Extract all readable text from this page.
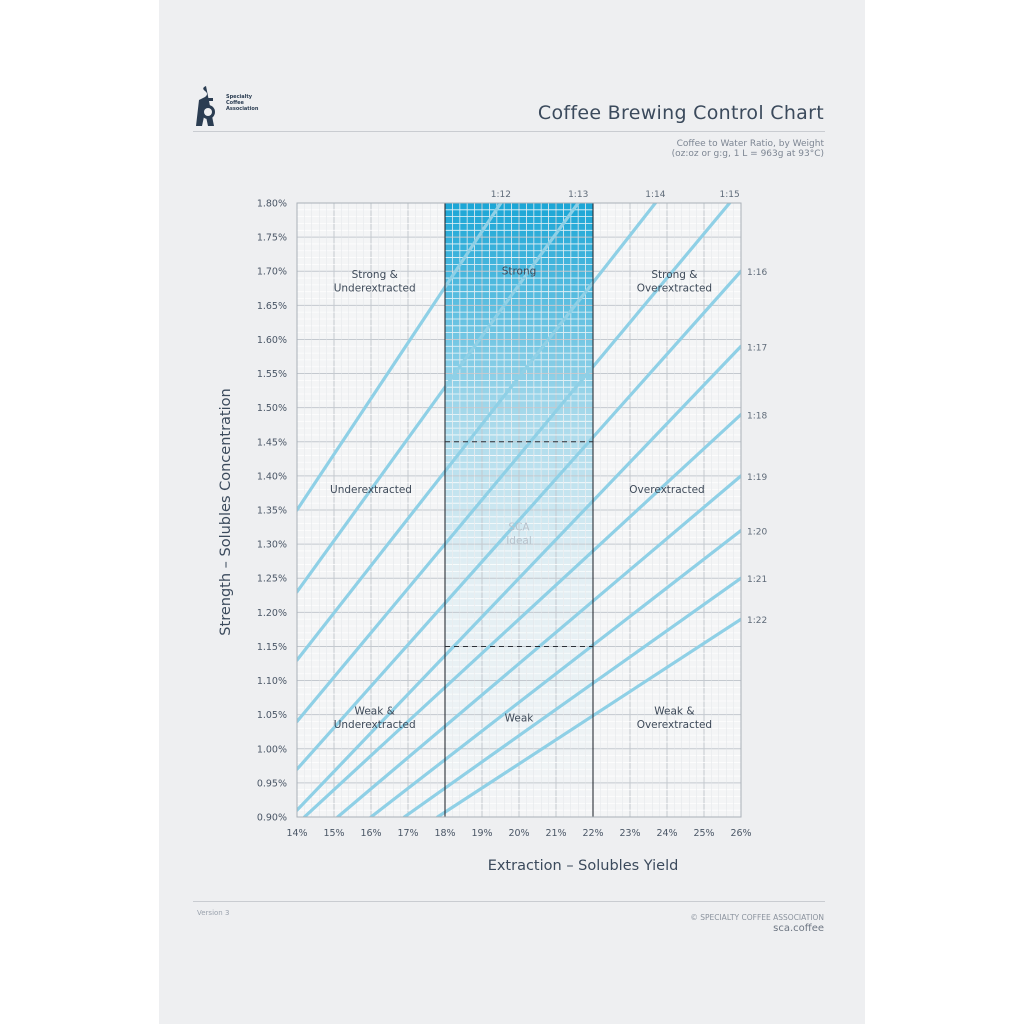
Specialty
Coffee
Association	Coffee Brewing Control Chart
Coffee to Water Ratio, by Weight
(oz:oz or g:g, 1 L = 963g at 93°C)
1:12	1:13	1:14	1:15
1:16
1:17
1:18
1:19
1:20
1:21
1:22
14% 15% 16% 17% 18% 19% 20% 21% 22% 23% 24% 25% 26%
0.90%
0.95%
1.00%
1.05%
1.10%
1.15%
1.20%
1.25%
1.30%
1.35%
1.40%
1.45%
1.50%
1.55%
1.60%
1.65%
1.70%
1.75%
1.80%
Extraction – Solubles Yield
Strength – Solubles Concentration
Strong & Underextracted
Strong	Strong & Overextracted
Underextracted
SCA Ideal
Overextracted
Weak & Underextracted
Weak
Weak & Overextracted
Version 3	© SPECIALTY COFFEE ASSOCIATION
sca.coffee
